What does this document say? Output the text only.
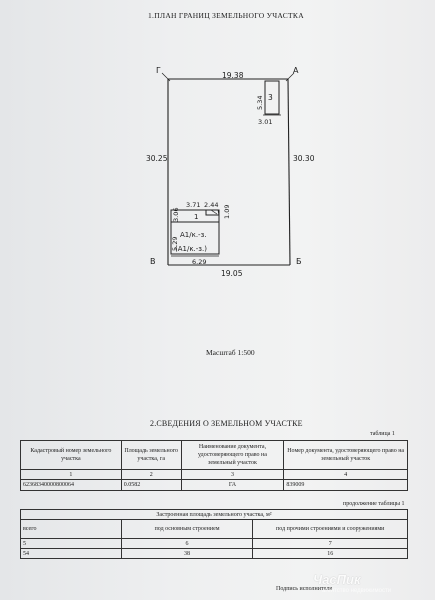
1.ПЛАН ГРАНИЦ ЗЕМЕЛЬНОГО УЧАСТКА
Г	А
В	Б
19.38
19.05
30.25	30.30
3
5.34
3.01
1
А1/к.-з.
(А1/к.-з.)
3.71 2.44
3.06
5.29
1.09
6.29
Масштаб 1:500
2.СВЕДЕНИЯ О ЗЕМЕЛЬНОМ УЧАСТКЕ
таблица 1
Кадастровый номер земельного участка	Площадь земельного участка, га	Наименование документа, удостоверяющего право на земельный участок	Номер документа, удостоверяющего право на земельный участок
1	2	3	4
62368340000800064	0.0582	ГА	839009
продолжение таблицы 1
Застроенная площадь земельного участка, м²		
всего	под основным строением	под прочими строениями и сооружениями
5	6	7
54	38	16
Подпись исполнителя
ЧасПик
агентство недвижимости
